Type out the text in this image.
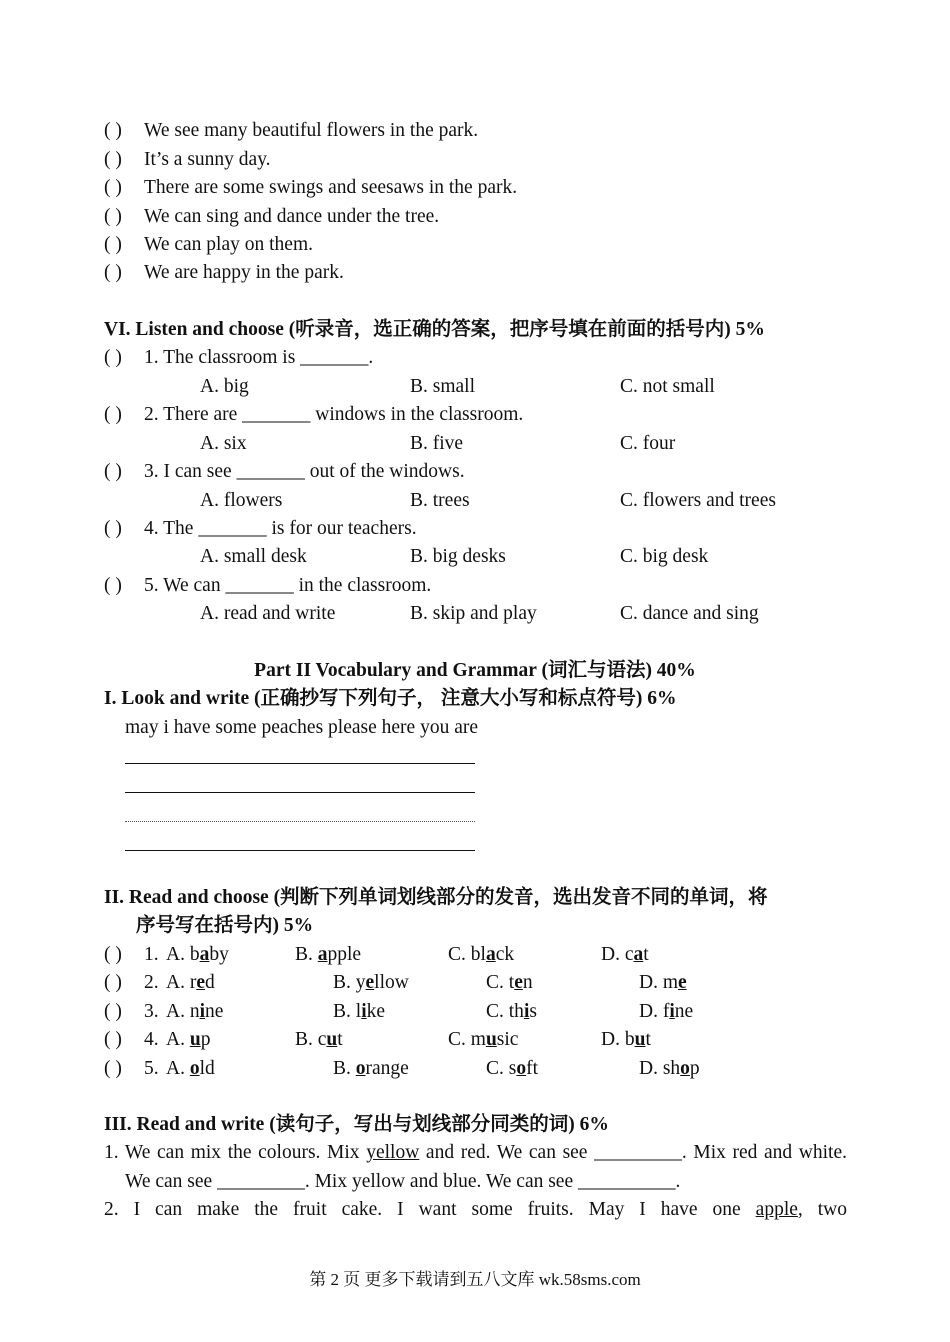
( ) We see many beautiful flowers in the park.
( ) It’s a sunny day.
( ) There are some swings and seesaws in the park.
( ) We can sing and dance under the tree.
( ) We can play on them.
( ) We are happy in the park.
VI. Listen and choose (听录音，选正确的答案，把序号填在前面的括号内) 5%
( ) 1. The classroom is _______.
A. big	B. small	C. not small
( ) 2. There are _______ windows in the classroom.
A. six	B. five	C. four
( ) 3. I can see _______ out of the windows.
A. flowers	B. trees	C. flowers and trees
( ) 4. The _______ is for our teachers.
A. small desk	B. big desks	C. big desk
( ) 5. We can _______ in the classroom.
A. read and write	B. skip and play	C. dance and sing
Part II Vocabulary and Grammar (词汇与语法) 40%
I. Look and write (正确抄写下列句子， 注意大小写和标点符号) 6%
may i have some peaches please here you are
II. Read and choose (判断下列单词划线部分的发音，选出发音不同的单词，将
序号写在括号内) 5%
( ) 1. A. baby	B. apple	C. black	D. cat
( ) 2. A. red	B. yellow	C. ten	D. me
( ) 3. A. nine	B. like	C. this	D. fine
( ) 4. A. up	B. cut	C. music	D. but
( ) 5. A. old	B. orange	C. soft	D. shop
III. Read and write (读句子，写出与划线部分同类的词) 6%
1. We can mix the colours. Mix yellow and red. We can see _________. Mix red and white. We can see _________. Mix yellow and blue. We can see __________.
2. I can make the fruit cake. I want some fruits. May I have one apple, two
第 2 页 更多下载请到五八文库 wk.58sms.com
